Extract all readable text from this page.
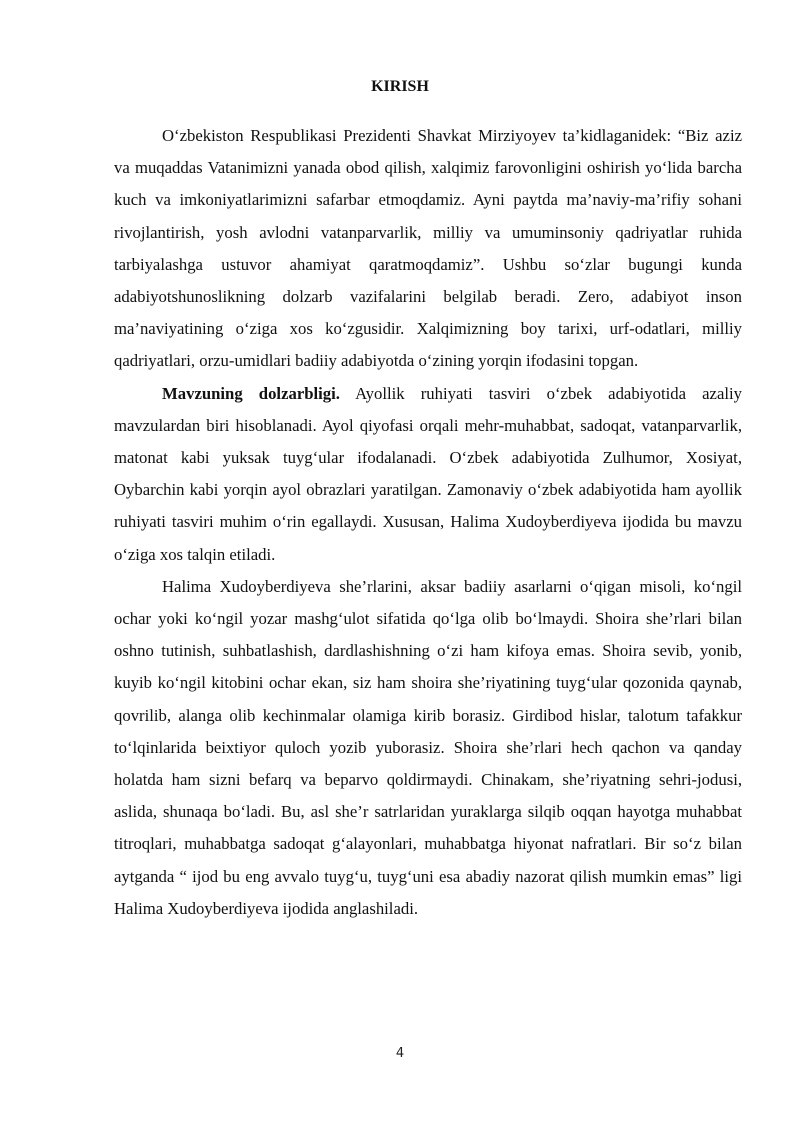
KIRISH

O‘zbekiston Respublikasi Prezidenti Shavkat Mirziyoyev ta’kidlaganidek: “Biz aziz va muqaddas Vatanimizni yanada obod qilish, xalqimiz farovonligini oshirish yo‘lida barcha kuch va imkoniyatlarimizni safarbar etmoqdamiz. Ayni paytda ma’naviy-ma’rifiy sohani rivojlantirish, yosh avlodni vatanparvarlik, milliy va umuminsoniy qadriyatlar ruhida tarbiyalashga ustuvor ahamiyat qaratmoqdamiz”. Ushbu so‘zlar bugungi kunda adabiyotshunoslikning dolzarb vazifalarini belgilab beradi. Zero, adabiyot inson ma’naviyatining o‘ziga xos ko‘zgusidir. Xalqimizning boy tarixi, urf-odatlari, milliy qadriyatlari, orzu-umidlari badiiy adabiyotda o‘zining yorqin ifodasini topgan.

Mavzuning dolzarbligi. Ayollik ruhiyati tasviri o‘zbek adabiyotida azaliy mavzulardan biri hisoblanadi. Ayol qiyofasi orqali mehr-muhabbat, sadoqat, vatanparvarlik, matonat kabi yuksak tuyg‘ular ifodalanadi. O‘zbek adabiyotida Zulhumor, Xosiyat, Oybarchin kabi yorqin ayol obrazlari yaratilgan. Zamonaviy o‘zbek adabiyotida ham ayollik ruhiyati tasviri muhim o‘rin egallaydi. Xususan, Halima Xudoyberdiyeva ijodida bu mavzu o‘ziga xos talqin etiladi.

Halima Xudoyberdiyeva she’rlarini, aksar badiiy asarlarni o‘qigan misoli, ko‘ngil ochar yoki ko‘ngil yozar mashg‘ulot sifatida qo‘lga olib bo‘lmaydi. Shoira she’rlari bilan oshno tutinish, suhbatlashish, dardlashishning o‘zi ham kifoya emas. Shoira sevib, yonib, kuyib ko‘ngil kitobini ochar ekan, siz ham shoira she’riyatining tuyg‘ular qozonida qaynab, qovrilib, alanga olib kechinmalar olamiga kirib borasiz. Girdibod hislar, talotum tafakkur to‘lqinlarida beixtiyor quloch yozib yuborasiz. Shoira she’rlari hech qachon va qanday holatda ham sizni befarq va beparvo qoldirmaydi. Chinakam, she’riyatning sehri-jodusi, aslida, shunaqa bo‘ladi. Bu, asl she’r satrlaridan yuraklarga silqib oqqan hayotga muhabbat titroqlari, muhabbatga sadoqat g‘alayonlari, muhabbatga hiyonat nafratlari. Bir so‘z bilan aytganda “ ijod bu eng avvalo tuyg‘u, tuyg‘uni esa abadiy nazorat qilish mumkin emas” ligi Halima Xudoyberdiyeva ijodida anglashiladi.

4
